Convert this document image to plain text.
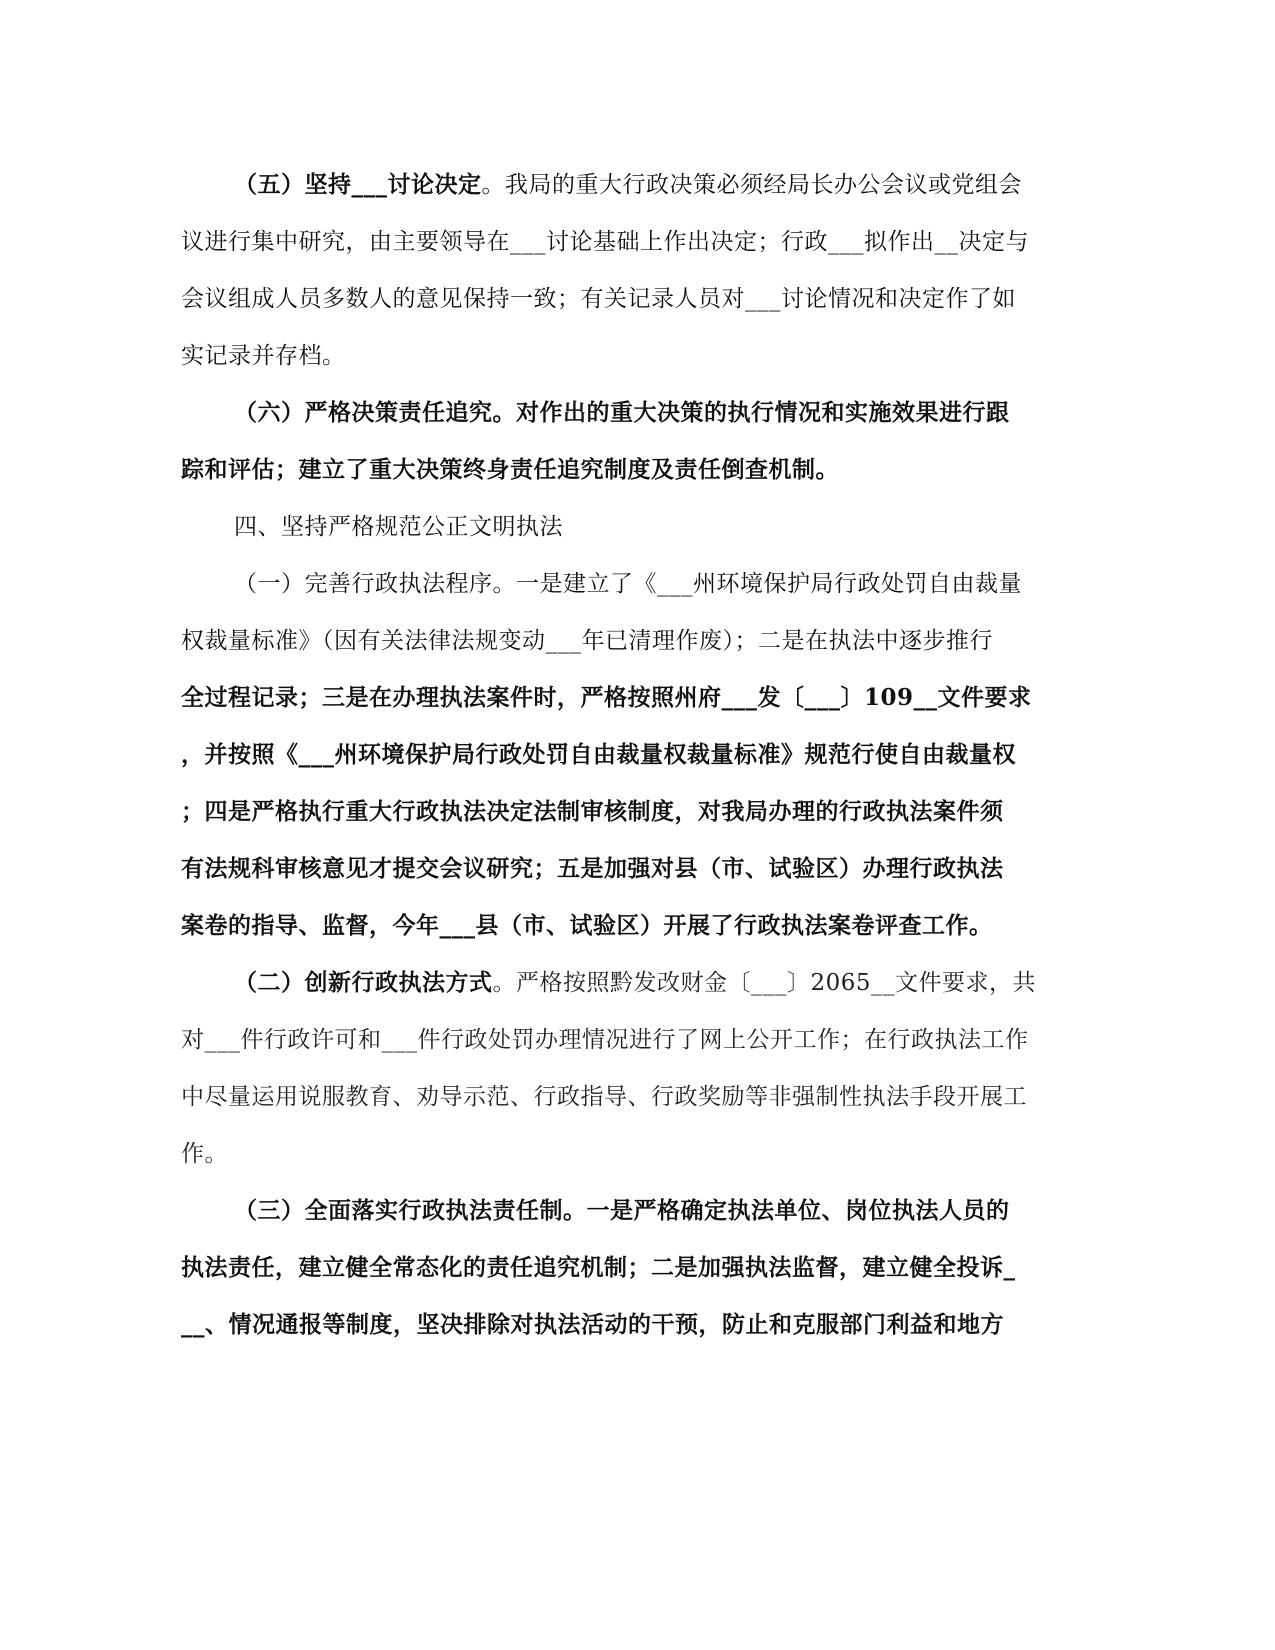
（五）坚持___讨论决定。我局的重大行政决策必须经局长办公会议或党组会
议进行集中研究，由主要领导在___讨论基础上作出决定；行政___拟作出__决定与
会议组成人员多数人的意见保持一致；有关记录人员对___讨论情况和决定作了如
实记录并存档。
（六）严格决策责任追究。对作出的重大决策的执行情况和实施效果进行跟
踪和评估；建立了重大决策终身责任追究制度及责任倒查机制。
四、坚持严格规范公正文明执法
（一）完善行政执法程序。一是建立了《___州环境保护局行政处罚自由裁量
权裁量标准》（因有关法律法规变动___年已清理作废）；二是在执法中逐步推行
全过程记录；三是在办理执法案件时，严格按照州府___发〔___〕109__文件要求
，并按照《___州环境保护局行政处罚自由裁量权裁量标准》规范行使自由裁量权
；四是严格执行重大行政执法决定法制审核制度，对我局办理的行政执法案件须
有法规科审核意见才提交会议研究；五是加强对县（市、试验区）办理行政执法
案卷的指导、监督，今年___县（市、试验区）开展了行政执法案卷评查工作。
（二）创新行政执法方式。严格按照黔发改财金〔___〕2065__文件要求，共
对___件行政许可和___件行政处罚办理情况进行了网上公开工作；在行政执法工作
中尽量运用说服教育、劝导示范、行政指导、行政奖励等非强制性执法手段开展工
作。
（三）全面落实行政执法责任制。一是严格确定执法单位、岗位执法人员的
执法责任，建立健全常态化的责任追究机制；二是加强执法监督，建立健全投诉_
__、情况通报等制度，坚决排除对执法活动的干预，防止和克服部门利益和地方
